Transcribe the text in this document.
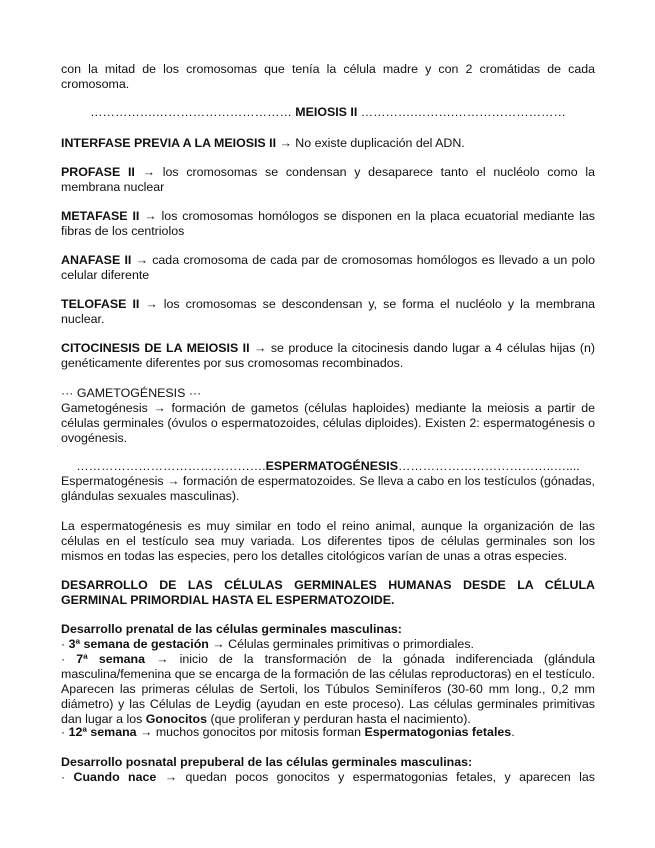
con la mitad de los cromosomas que tenía la célula madre y con 2 cromátidas de cada cromosoma.

…………….…………………………… MEIOSIS II ………….……….………………………

INTERFASE PREVIA A LA MEIOSIS II → No existe duplicación del ADN.

PROFASE II → los cromosomas se condensan y desaparece tanto el nucléolo como la membrana nuclear

METAFASE II → los cromosomas homólogos se disponen en la placa ecuatorial mediante las fibras de los centriolos

ANAFASE II → cada cromosoma de cada par de cromosomas homólogos es llevado a un polo celular diferente

TELOFASE II → los cromosomas se descondensan y, se forma el nucléolo y la membrana nuclear.

CITOCINESIS DE LA MEIOSIS II → se produce la citocinesis dando lugar a 4 células hijas (n) genéticamente diferentes por sus cromosomas recombinados.

··· GAMETOGÉNESIS ···

Gametogénesis → formación de gametos (células haploides) mediante la meiosis a partir de células germinales (óvulos o espermatozoides, células diploides). Existen 2: espermatogénesis o ovogénesis.

……………………………………….ESPERMATOGÉNESIS………………………………..…....

Espermatogénesis → formación de espermatozoides. Se lleva a cabo en los testículos (gónadas, glándulas sexuales masculinas).

La espermatogénesis es muy similar en todo el reino animal, aunque la organización de las células en el testículo sea muy variada. Los diferentes tipos de células germinales son los mismos en todas las especies, pero los detalles citológicos varían de unas a otras especies.

DESARROLLO DE LAS CÉLULAS GERMINALES HUMANAS DESDE LA CÉLULA GERMINAL PRIMORDIAL HASTA EL ESPERMATOZOIDE.

Desarrollo prenatal de las células germinales masculinas:

· 3ª semana de gestación → Células germinales primitivas o primordiales.

· 7ª semana → inicio de la transformación de la gónada indiferenciada (glándula masculina/femenina que se encarga de la formación de las células reproductoras) en el testículo. Aparecen las primeras células de Sertoli, los Túbulos Seminíferos (30-60 mm long., 0,2 mm diámetro) y las Células de Leydig (ayudan en este proceso). Las células germinales primitivas dan lugar a los Gonocitos (que proliferan y perduran hasta el nacimiento).

· 12ª semana → muchos gonocitos por mitosis forman Espermatogonias fetales.

Desarrollo posnatal prepuberal de las células germinales masculinas:

· Cuando nace → quedan pocos gonocitos y espermatogonias fetales, y aparecen las
